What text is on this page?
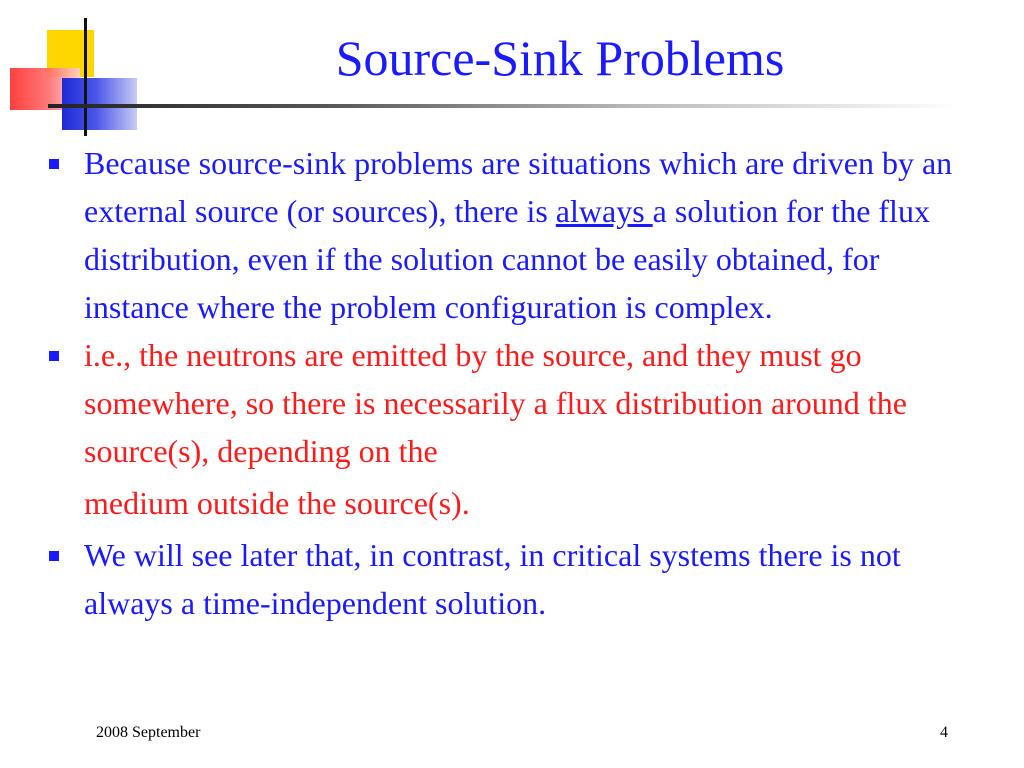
Source-Sink Problems
Because source-sink problems are situations which are driven by an external source (or sources), there is always a solution for the flux distribution, even if the solution cannot be easily obtained, for instance where the problem configuration is complex.
i.e., the neutrons are emitted by the source, and they must go somewhere, so there is necessarily a flux distribution around the source(s), depending on the
medium outside the source(s).
We will see later that, in contrast, in critical systems there is not always a time-independent solution.
2008 September	4
